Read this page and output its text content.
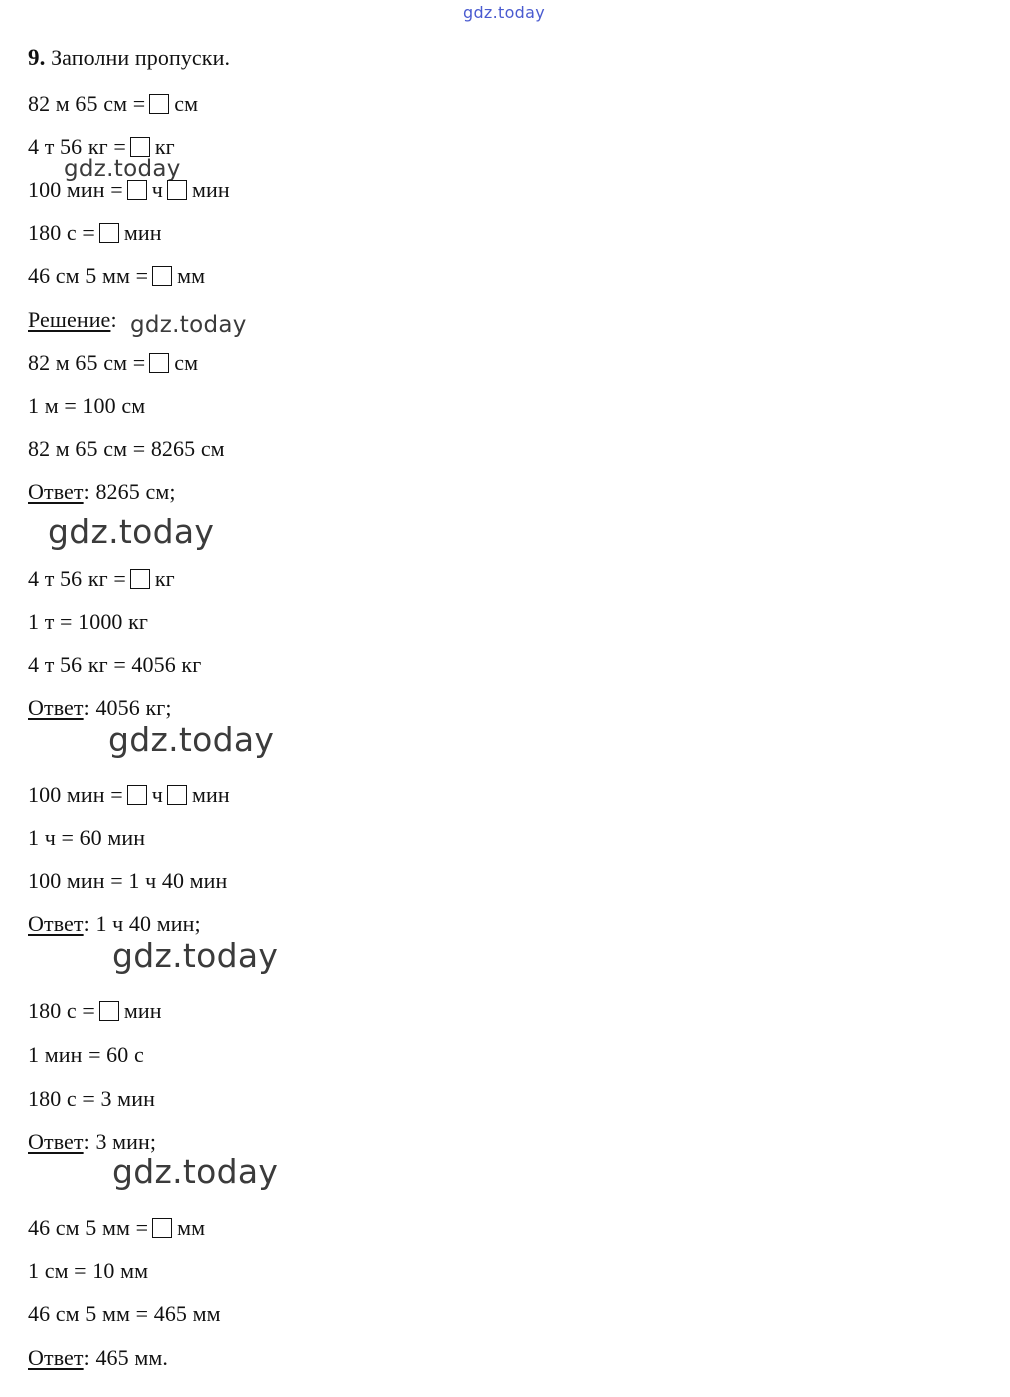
gdz.today
gdz.today
gdz.today
gdz.today
gdz.today
gdz.today
gdz.today
9. Заполни пропуски.
82 м 65 см = см
4 т 56 кг = кг
100 мин = ч мин
180 с = мин
46 см 5 мм = мм
Решение:
82 м 65 см = см
1 м = 100 см
82 м 65 см = 8265 см
Ответ: 8265 см;
4 т 56 кг = кг
1 т = 1000 кг
4 т 56 кг = 4056 кг
Ответ: 4056 кг;
100 мин = ч мин
1 ч = 60 мин
100 мин = 1 ч 40 мин
Ответ: 1 ч 40 мин;
180 с = мин
1 мин = 60 с
180 с = 3 мин
Ответ: 3 мин;
46 см 5 мм = мм
1 см = 10 мм
46 см 5 мм = 465 мм
Ответ: 465 мм.
